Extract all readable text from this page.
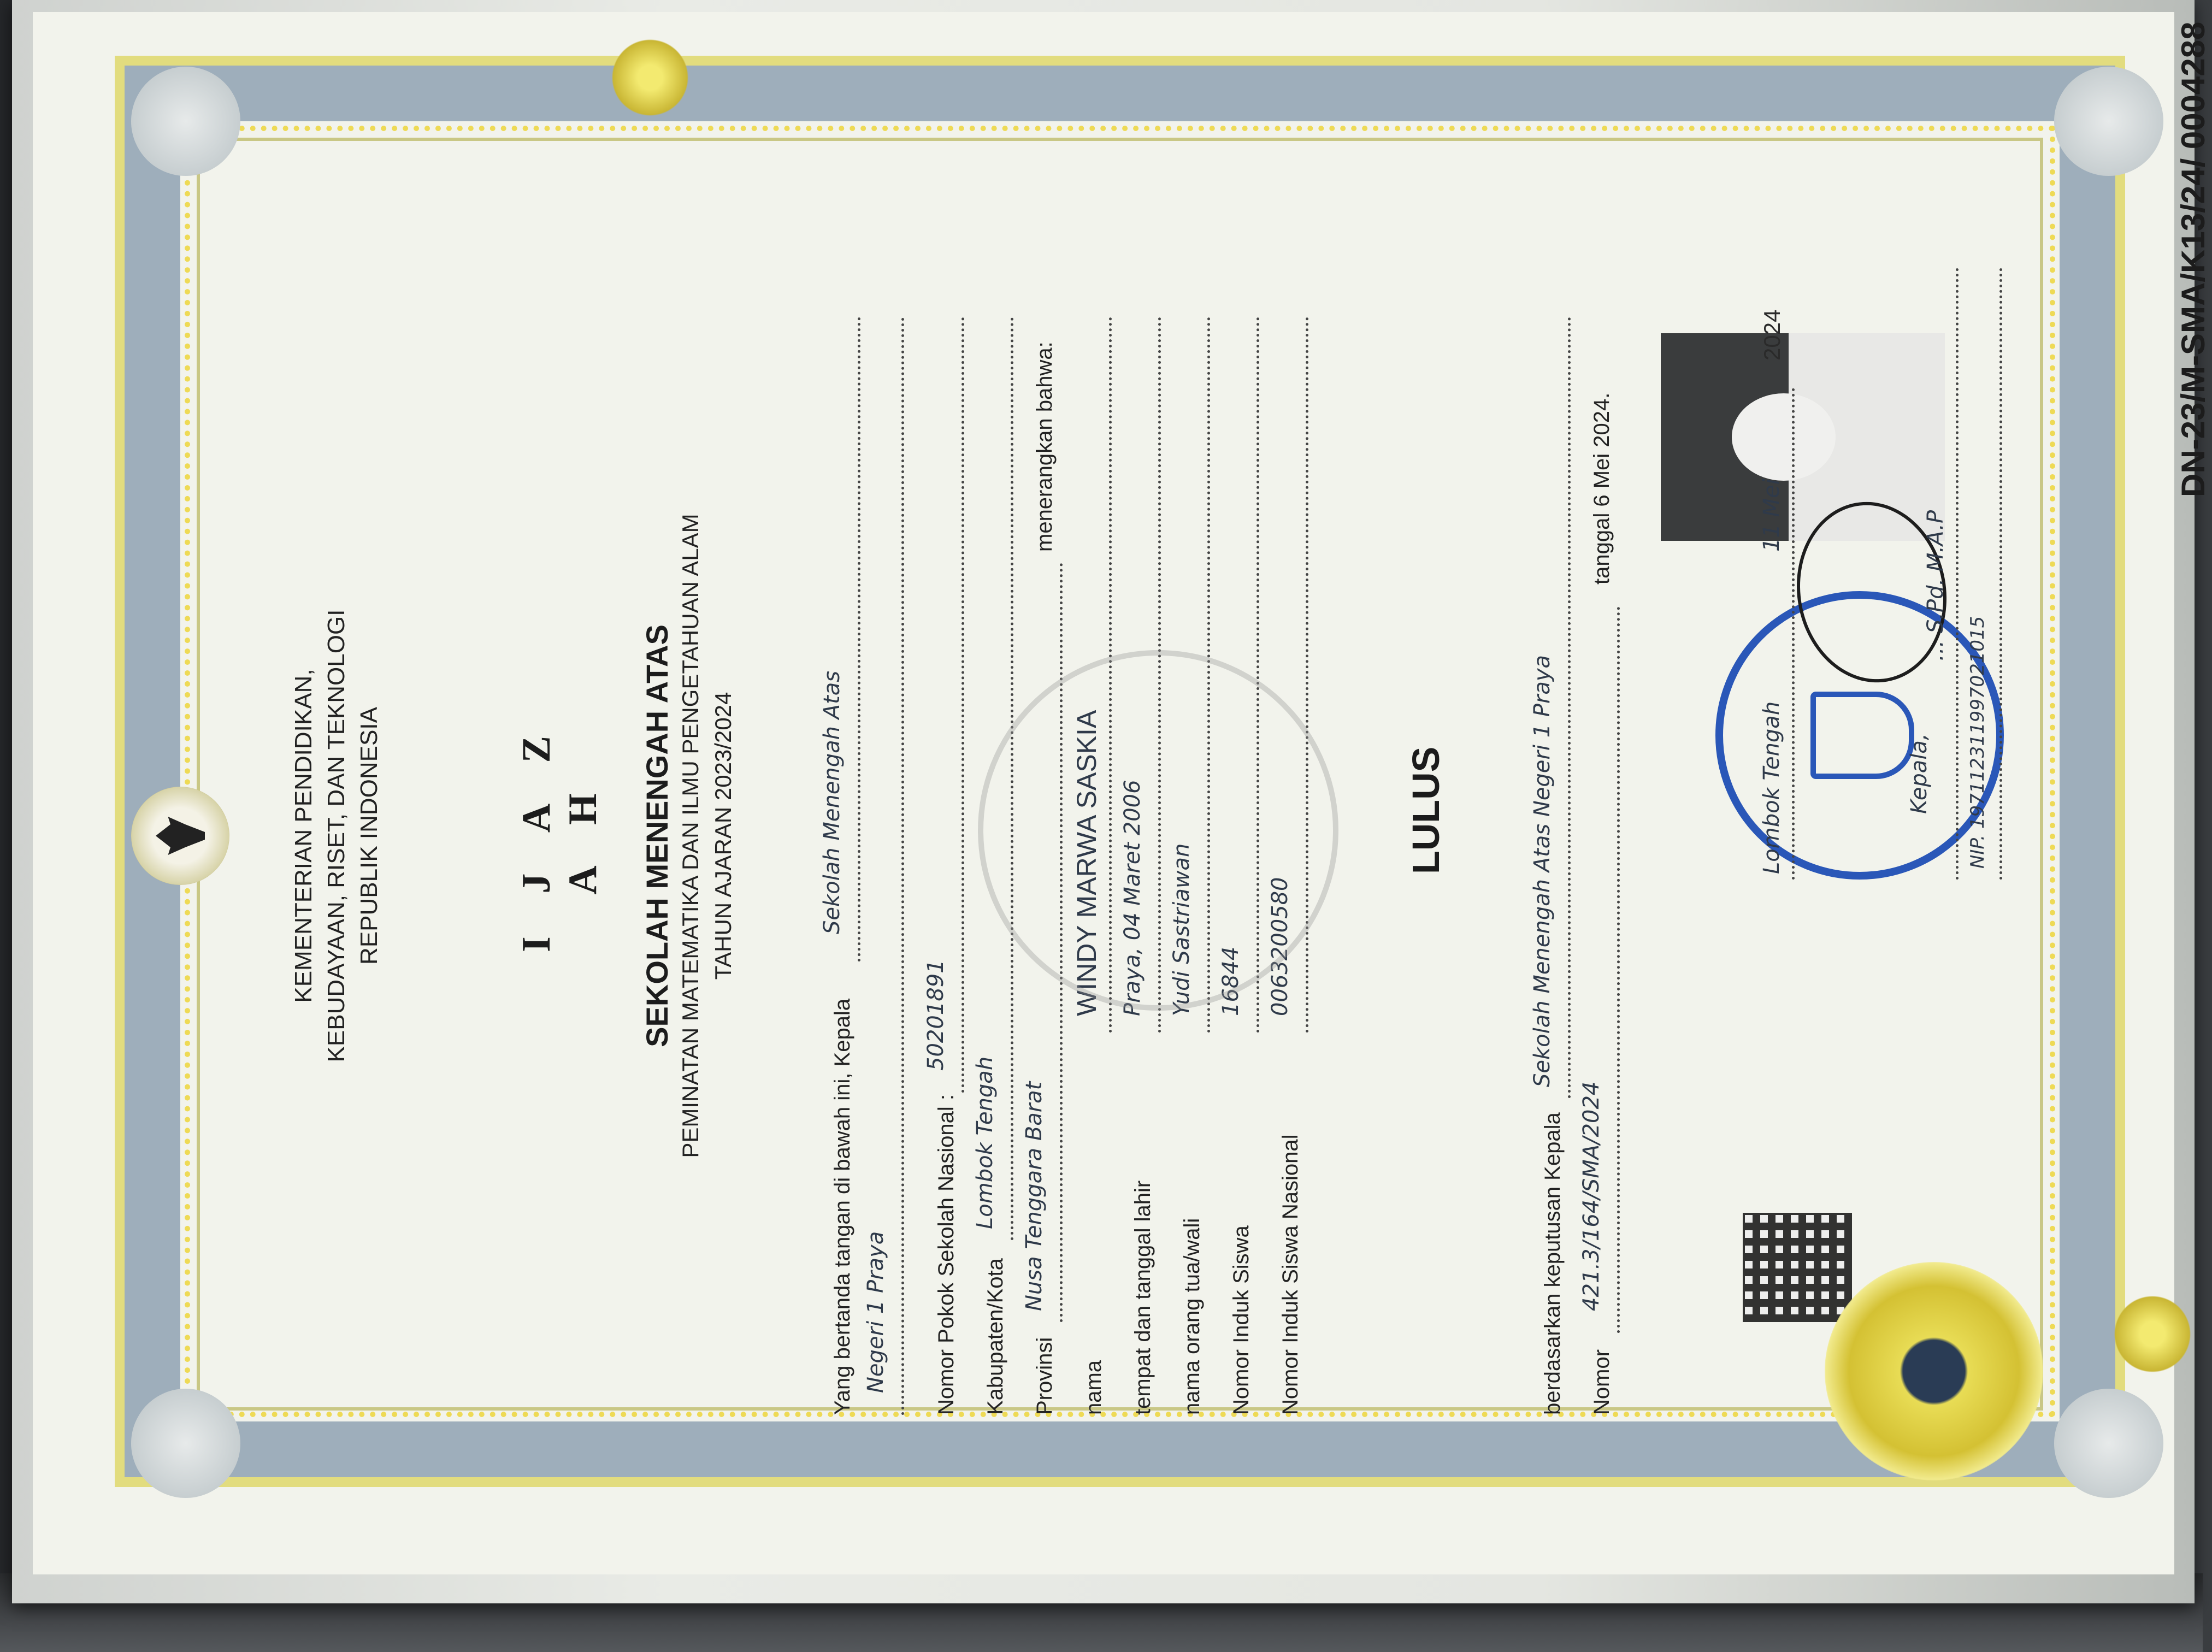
KEMENTERIAN PENDIDIKAN, KEBUDAYAAN, RISET, DAN TEKNOLOGI REPUBLIK INDONESIA	I J A Z A H SEKOLAH MENENGAH ATAS PEMINATAN MATEMATIKA DAN ILMU PENGETAHUAN ALAM TAHUN AJARAN 2023/2024
Yang bertanda tangan di bawah ini, Kepala
Sekolah Menengah Atas
Negeri 1 Praya Nomor Pokok Sekolah Nasional :
50201891
Kabupaten/Kota
Lombok Tengah
Provinsi
Nusa Tenggara Barat
menerangkan bahwa:
nama
WINDY MARWA SASKIA
tempat dan tanggal lahir
Praya, 04 Maret 2006
nama orang tua/wali
Yudi Sastriawan
Nomor Induk Siswa
16844
Nomor Induk Siswa Nasional
0063200580
LULUS
berdasarkan keputusan Kepala
Sekolah Menengah Atas Negeri 1 Praya
Nomor
421.3/164/SMA/2024
tanggal 6 Mei 2024.
Lombok Tengah
11 Mei
2024
Kepala,
... S.Pd. M.A.P
NIP. 197112311997021015
DN-23/M-SMA/K13/24/ 0004288
